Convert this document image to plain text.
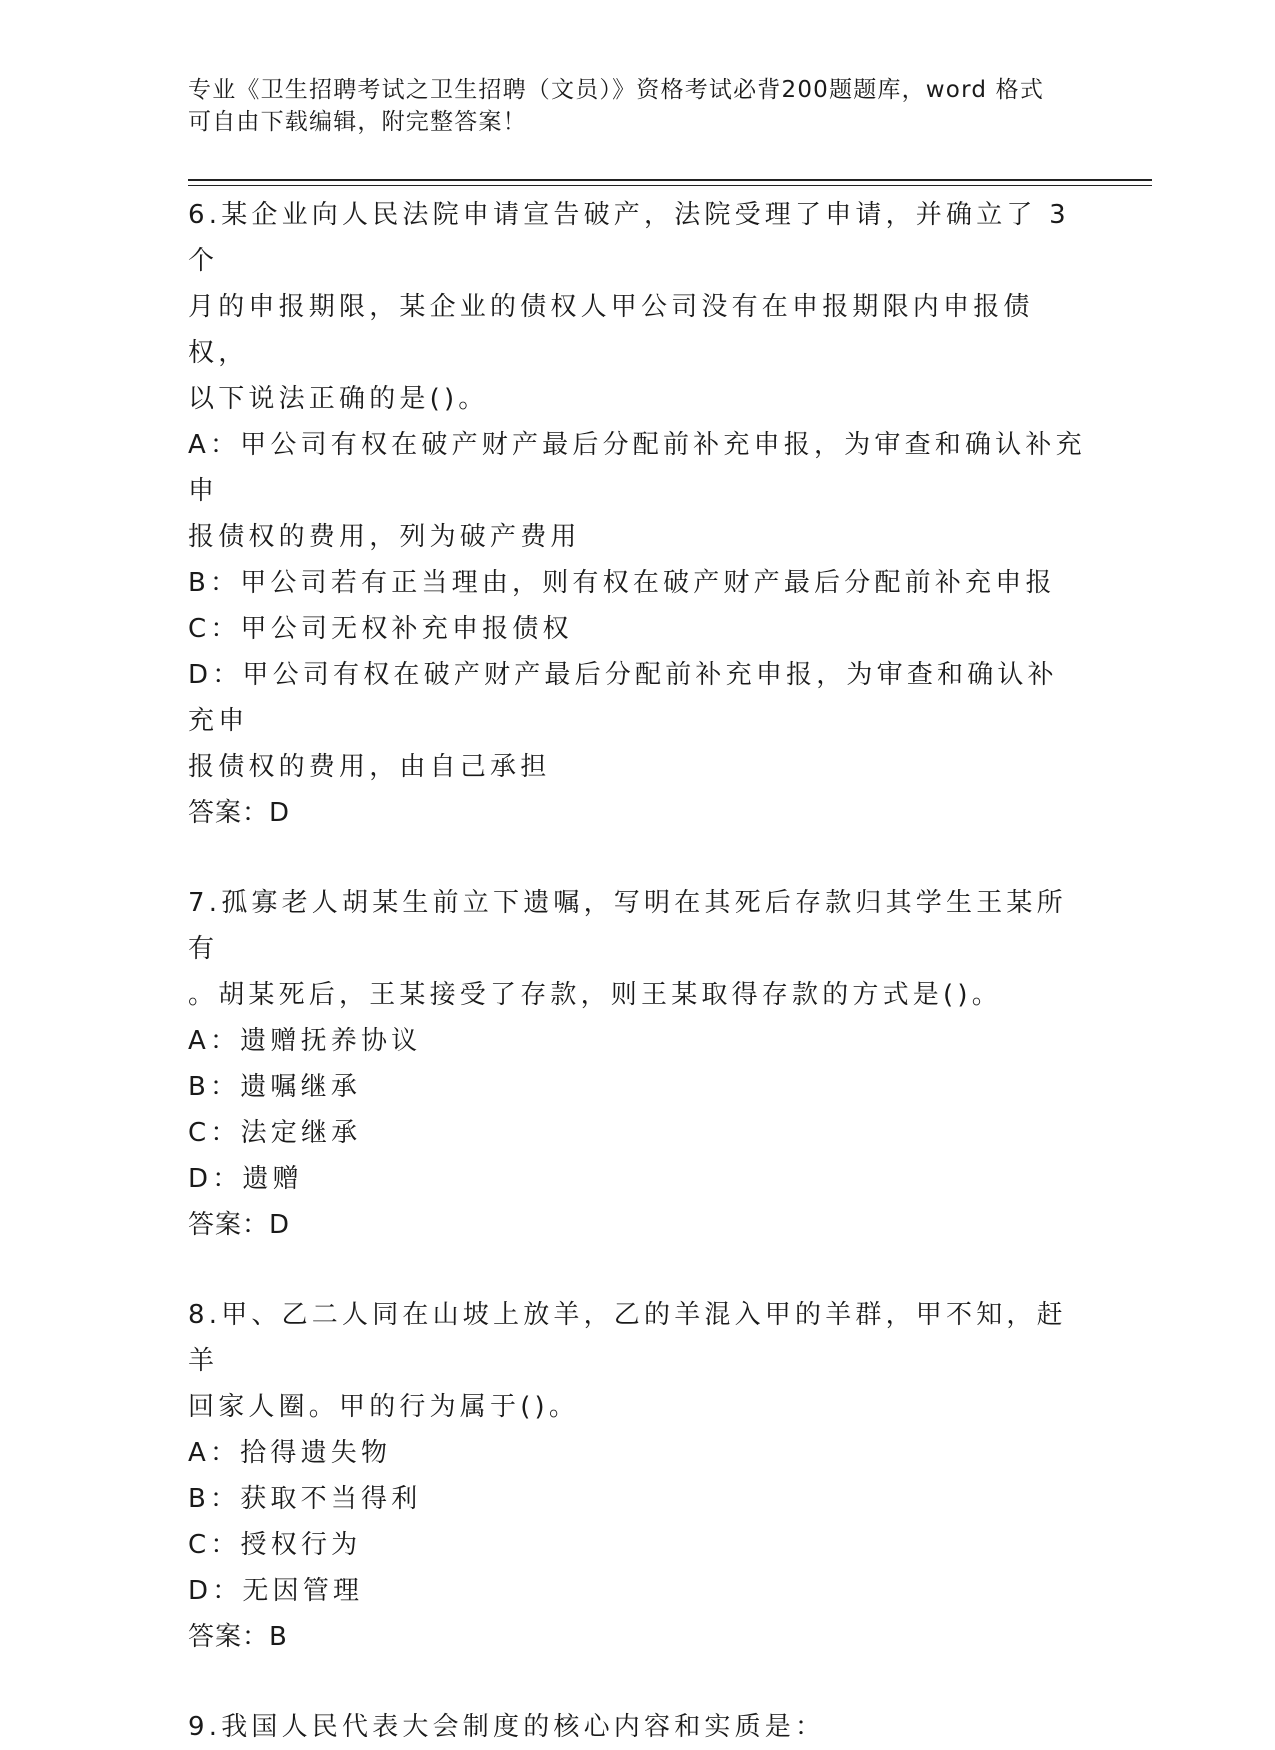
专业《卫生招聘考试之卫生招聘（文员）》资格考试必背200题题库，word 格式
可自由下载编辑，附完整答案！

6.某企业向人民法院申请宣告破产，法院受理了申请，并确立了 3 个

月的申报期限，某企业的债权人甲公司没有在申报期限内申报债权，

以下说法正确的是()。

A：甲公司有权在破产财产最后分配前补充申报，为审查和确认补充申

报债权的费用，列为破产费用

B：甲公司若有正当理由，则有权在破产财产最后分配前补充申报

C：甲公司无权补充申报债权

D：甲公司有权在破产财产最后分配前补充申报，为审查和确认补充申

报债权的费用，由自己承担

答案：D

7.孤寡老人胡某生前立下遗嘱，写明在其死后存款归其学生王某所有

。胡某死后，王某接受了存款，则王某取得存款的方式是()。

A：遗赠抚养协议

B：遗嘱继承

C：法定继承

D：遗赠

答案：D

8.甲、乙二人同在山坡上放羊，乙的羊混入甲的羊群，甲不知，赶羊

回家人圈。甲的行为属于()。

A：拾得遗失物

B：获取不当得利

C：授权行为

D：无因管理

答案：B

9.我国人民代表大会制度的核心内容和实质是：
